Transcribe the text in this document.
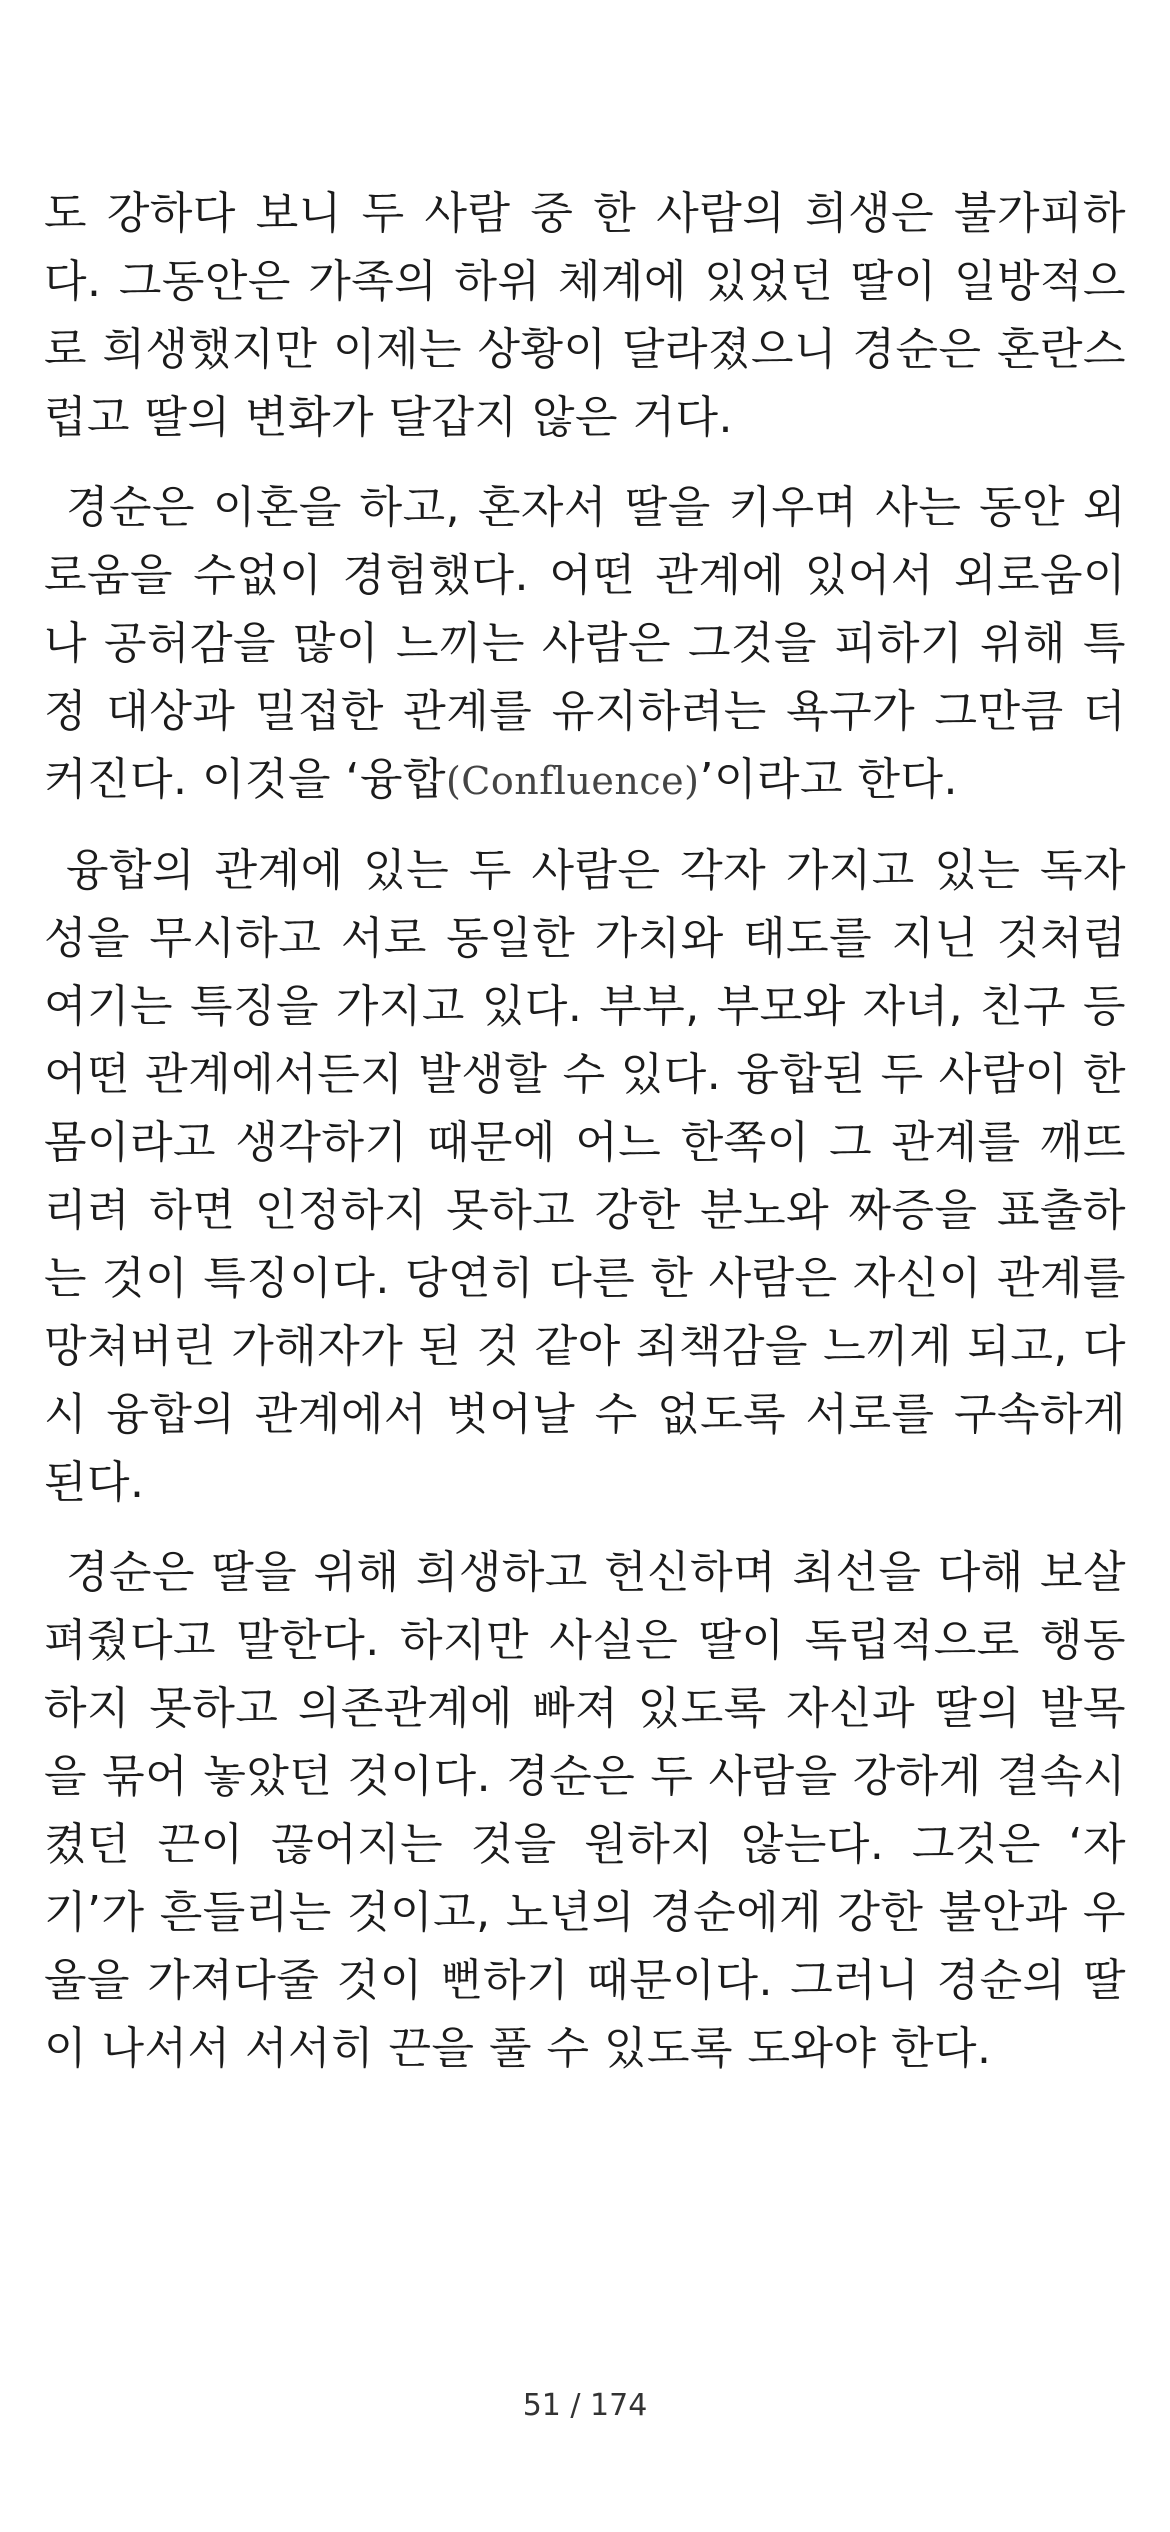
도 강하다 보니 두 사람 중 한 사람의 희생은 불가피하다. 그동안은 가족의 하위 체계에 있었던 딸이 일방적으로 희생했지만 이제는 상황이 달라졌으니 경순은 혼란스럽고 딸의 변화가 달갑지 않은 거다.

경순은 이혼을 하고, 혼자서 딸을 키우며 사는 동안 외로움을 수없이 경험했다. 어떤 관계에 있어서 외로움이나 공허감을 많이 느끼는 사람은 그것을 피하기 위해 특정 대상과 밀접한 관계를 유지하려는 욕구가 그만큼 더 커진다. 이것을 ‘융합(Confluence)’이라고 한다.

융합의 관계에 있는 두 사람은 각자 가지고 있는 독자성을 무시하고 서로 동일한 가치와 태도를 지닌 것처럼 여기는 특징을 가지고 있다. 부부, 부모와 자녀, 친구 등 어떤 관계에서든지 발생할 수 있다. 융합된 두 사람이 한 몸이라고 생각하기 때문에 어느 한쪽이 그 관계를 깨뜨리려 하면 인정하지 못하고 강한 분노와 짜증을 표출하는 것이 특징이다. 당연히 다른 한 사람은 자신이 관계를 망쳐버린 가해자가 된 것 같아 죄책감을 느끼게 되고, 다시 융합의 관계에서 벗어날 수 없도록 서로를 구속하게 된다.

경순은 딸을 위해 희생하고 헌신하며 최선을 다해 보살펴줬다고 말한다. 하지만 사실은 딸이 독립적으로 행동하지 못하고 의존관계에 빠져 있도록 자신과 딸의 발목을 묶어 놓았던 것이다. 경순은 두 사람을 강하게 결속시켰던 끈이 끊어지는 것을 원하지 않는다. 그것은 ‘자기’가 흔들리는 것이고, 노년의 경순에게 강한 불안과 우울을 가져다줄 것이 뻔하기 때문이다. 그러니 경순의 딸이 나서서 서서히 끈을 풀 수 있도록 도와야 한다.

51 / 174
